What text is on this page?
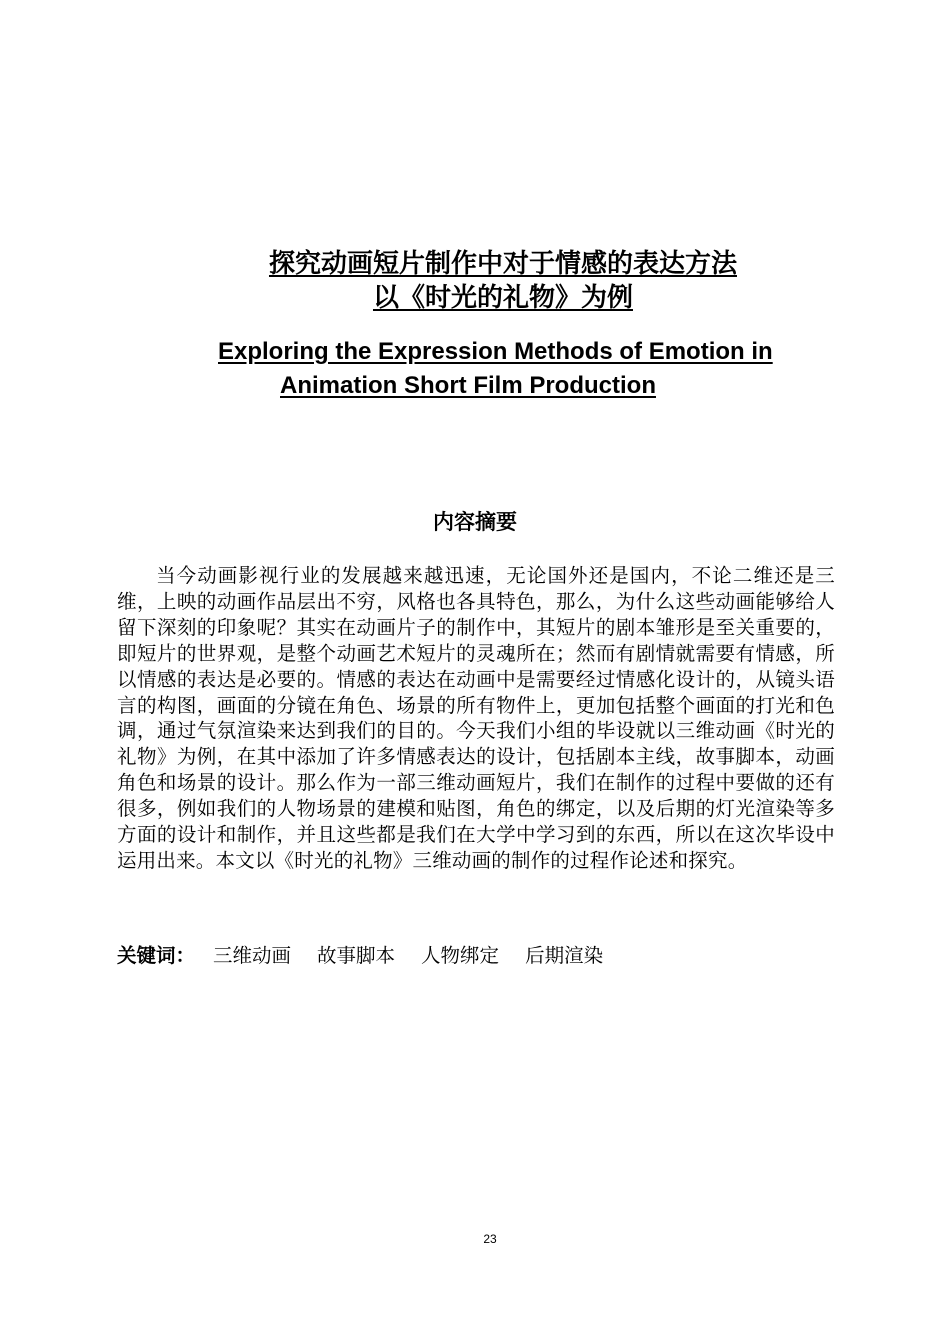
探究动画短片制作中对于情感的表达方法
以《时光的礼物》为例
Exploring the Expression Methods of Emotion in
Animation Short Film Production
内容摘要
当今动画影视行业的发展越来越迅速，无论国外还是国内，不论二维还是三维，上映的动画作品层出不穷，风格也各具特色，那么，为什么这些动画能够给人留下深刻的印象呢？其实在动画片子的制作中，其短片的剧本雏形是至关重要的，即短片的世界观，是整个动画艺术短片的灵魂所在；然而有剧情就需要有情感，所以情感的表达是必要的。情感的表达在动画中是需要经过情感化设计的，从镜头语言的构图，画面的分镜在角色、场景的所有物件上，更加包括整个画面的打光和色调，通过气氛渲染来达到我们的目的。今天我们小组的毕设就以三维动画《时光的礼物》为例，在其中添加了许多情感表达的设计，包括剧本主线，故事脚本，动画角色和场景的设计。那么作为一部三维动画短片，我们在制作的过程中要做的还有很多，例如我们的人物场景的建模和贴图，角色的绑定，以及后期的灯光渲染等多方面的设计和制作，并且这些都是我们在大学中学习到的东西，所以在这次毕设中运用出来。本文以《时光的礼物》三维动画的制作的过程作论述和探究。
关键词： 三维动画 故事脚本 人物绑定 后期渲染
23
